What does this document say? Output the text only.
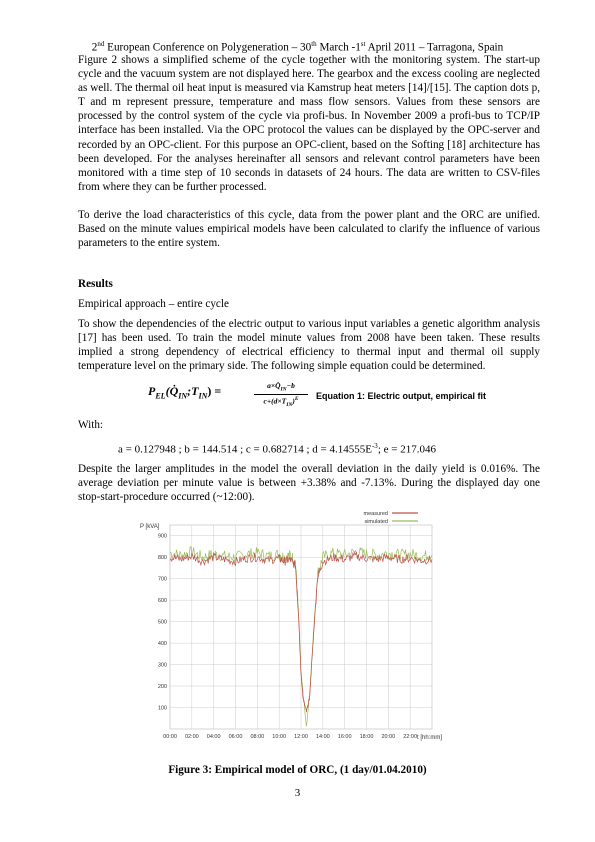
2nd European Conference on Polygeneration – 30th March -1st April 2011 – Tarragona, Spain
Figure 2 shows a simplified scheme of the cycle together with the monitoring system. The start-up cycle and the vacuum system are not displayed here. The gearbox and the excess cooling are neglected as well. The thermal oil heat input is measured via Kamstrup heat meters [14]/[15]. The caption dots p, T and m represent pressure, temperature and mass flow sensors. Values from these sensors are processed by the control system of the cycle via profi-bus. In November 2009 a profi-bus to TCP/IP interface has been installed. Via the OPC protocol the values can be displayed by the OPC-server and recorded by an OPC-client. For this purpose an OPC-client, based on the Softing [18] architecture has been developed. For the analyses hereinafter all sensors and relevant control parameters have been monitored with a time step of 10 seconds in datasets of 24 hours. The data are written to CSV-files from where they can be further processed.
To derive the load characteristics of this cycle, data from the power plant and the ORC are unified. Based on the minute values empirical models have been calculated to clarify the influence of various parameters to the entire system.
Results
Empirical approach – entire cycle
To show the dependencies of the electric output to various input variables a genetic algorithm analysis [17] has been used. To train the model minute values from 2008 have been taken. These results implied a strong dependency of electrical efficiency to thermal input and thermal oil supply temperature level on the primary side. The following simple equation could be determined.
$P_{EL}(Q̇_{IN};T_{IN})$ =	$a\times Q̇_{IN}-b$
$c+(d\times T_{IN})^E$	Equation 1: Electric output, empirical fit
With:
a = 0.127948 ; b = 144.514 ; c = 0.682714 ; $d = 4.14555E^{-3}$; e = 217.046
Despite the larger amplitudes in the model the overall deviation in the daily yield is 0.016%. The average deviation per minute value is between +3.38% and -7.13%. During the displayed day one stop-start-procedure occurred (~12:00).
900
800
700
600
500
400
300
200
100
00:00 02:00 04:00 06:00 08:00 10:00 12:00 14:00 16:00 18:00 20:00 22:00
P [kVA]
t [hh:mm]
measured
simulated
Figure 3: Empirical model of ORC, (1 day/01.04.2010)
3
